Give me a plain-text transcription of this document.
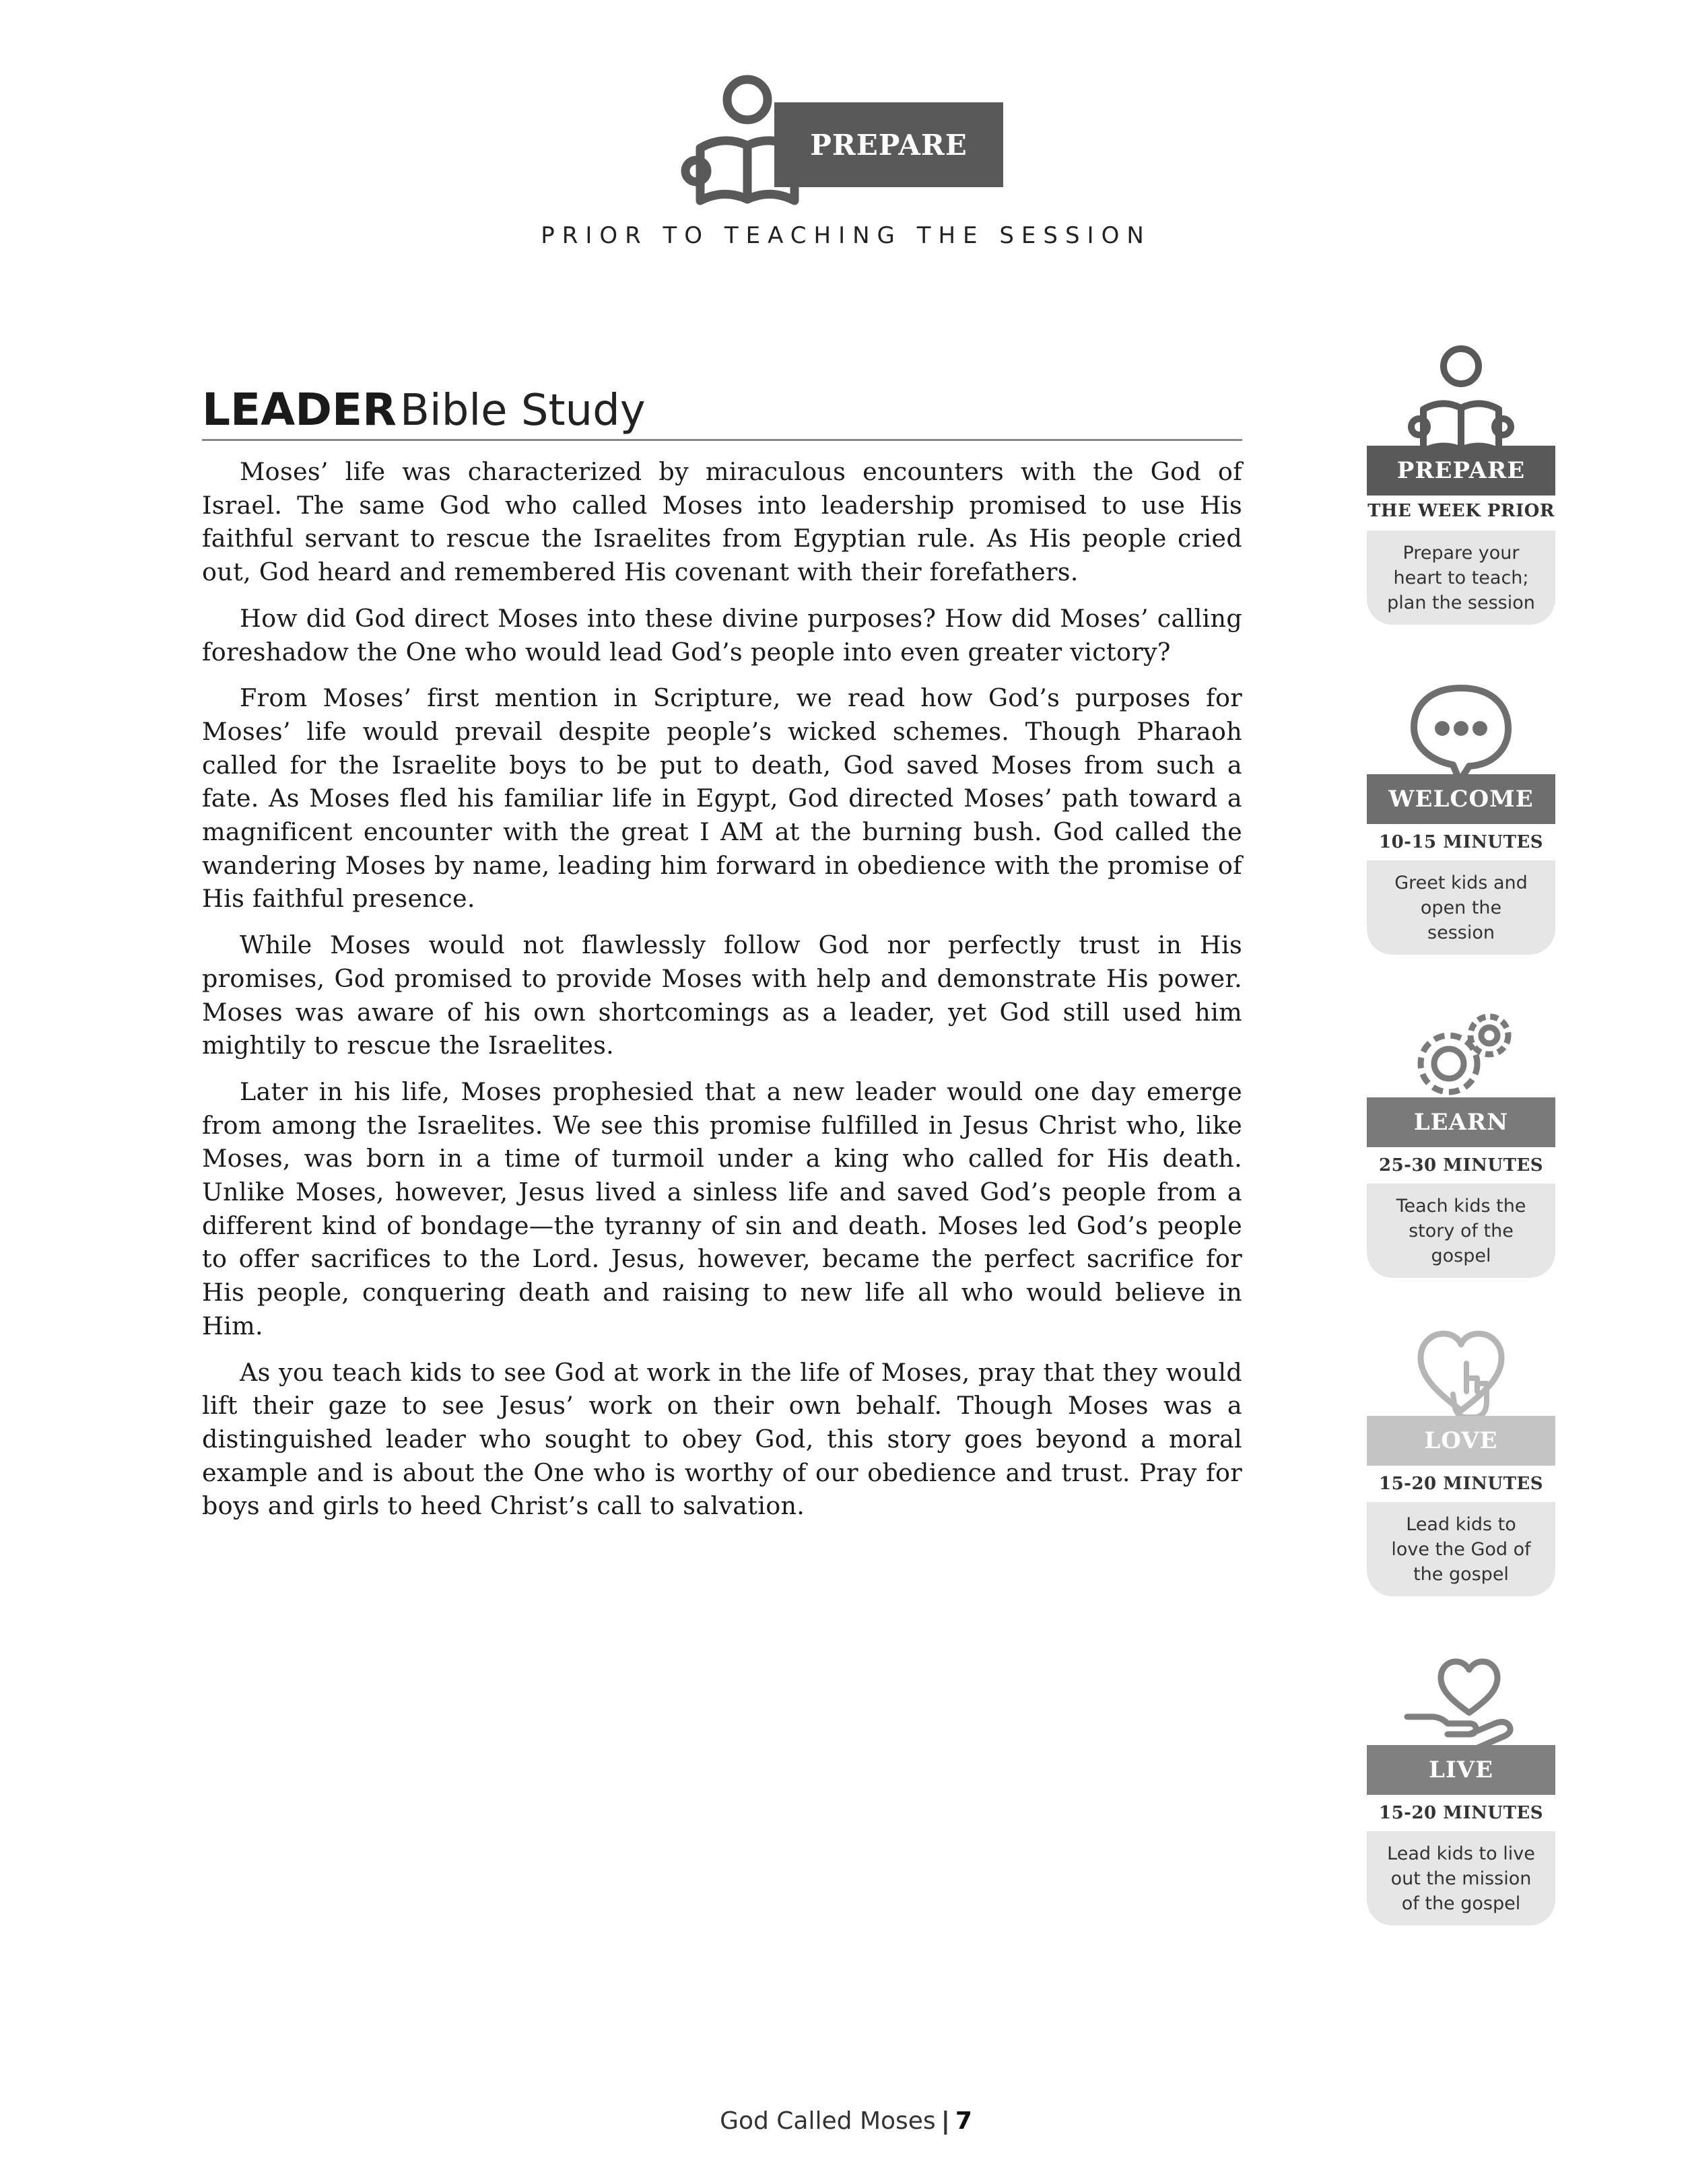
PREPARE
PRIOR TO TEACHING THE SESSION
LEADER Bible Study

Moses’ life was characterized by miraculous encounters with the God of Israel. The same God who called Moses into leadership promised to use His faithful servant to rescue the Israelites from Egyptian rule. As His people cried out, God heard and remembered His covenant with their forefathers.

How did God direct Moses into these divine purposes? How did Moses’ calling foreshadow the One who would lead God’s people into even greater victory?

From Moses’ first mention in Scripture, we read how God’s purposes for Moses’ life would prevail despite people’s wicked schemes. Though Pharaoh called for the Israelite boys to be put to death, God saved Moses from such a fate. As Moses fled his familiar life in Egypt, God directed Moses’ path toward a magnificent encounter with the great I AM at the burning bush. God called the wandering Moses by name, leading him forward in obedience with the promise of His faithful presence.

While Moses would not flawlessly follow God nor perfectly trust in His promises, God promised to provide Moses with help and demonstrate His power. Moses was aware of his own shortcomings as a leader, yet God still used him mightily to rescue the Israelites.

Later in his life, Moses prophesied that a new leader would one day emerge from among the Israelites. We see this promise fulfilled in Jesus Christ who, like Moses, was born in a time of turmoil under a king who called for His death. Unlike Moses, however, Jesus lived a sinless life and saved God’s people from a different kind of bondage—the tyranny of sin and death. Moses led God’s people to offer sacrifices to the Lord. Jesus, however, became the perfect sacrifice for His people, conquering death and raising to new life all who would believe in Him.

As you teach kids to see God at work in the life of Moses, pray that they would lift their gaze to see Jesus’ work on their own behalf. Though Moses was a distinguished leader who sought to obey God, this story goes beyond a moral example and is about the One who is worthy of our obedience and trust. Pray for boys and girls to heed Christ’s call to salvation.

PREPARE
THE WEEK PRIOR
Prepare your heart to teach; plan the session
WELCOME
10-15 MINUTES
Greet kids and open the session
LEARN
25-30 MINUTES
Teach kids the story of the gospel
LOVE
15-20 MINUTES
Lead kids to love the God of the gospel
LIVE
15-20 MINUTES
Lead kids to live out the mission of the gospel
God Called Moses | 7
